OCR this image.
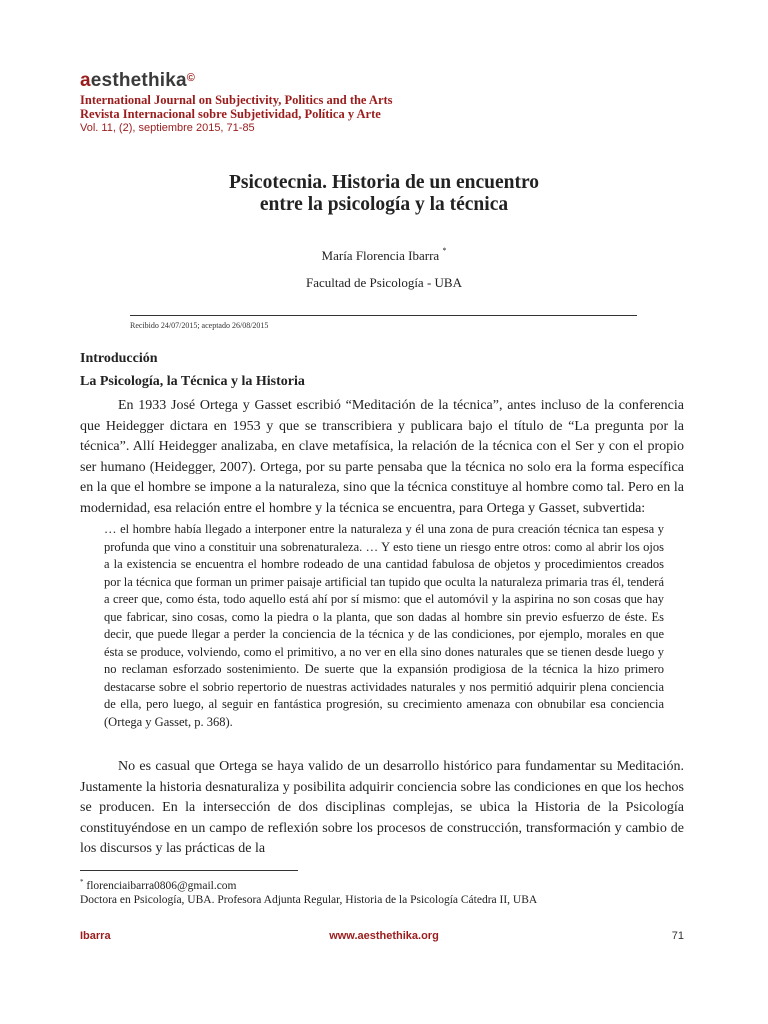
aesthethika©
International Journal on Subjectivity, Politics and the Arts
Revista Internacional sobre Subjetividad, Política y Arte
Vol. 11, (2), septiembre 2015, 71-85
Psicotecnia. Historia de un encuentro
entre la psicología y la técnica
María Florencia Ibarra *
Facultad de Psicología - UBA
Recibido 24/07/2015; aceptado 26/08/2015
Introducción
La Psicología, la Técnica y la Historia

En 1933 José Ortega y Gasset escribió “Meditación de la técnica”, antes incluso de la conferencia que Heidegger dictara en 1953 y que se transcribiera y publicara bajo el título de “La pregunta por la técnica”. Allí Heidegger analizaba, en clave metafísica, la relación de la técnica con el Ser y con el propio ser humano (Heidegger, 2007). Ortega, por su parte pensaba que la técnica no solo era la forma específica en la que el hombre se impone a la naturaleza, sino que la técnica constituye al hombre como tal. Pero en la modernidad, esa relación entre el hombre y la técnica se encuentra, para Ortega y Gasset, subvertida:

… el hombre había llegado a interponer entre la naturaleza y él una zona de pura creación técnica tan espesa y profunda que vino a constituir una sobrenaturaleza. … Y esto tiene un riesgo entre otros: como al abrir los ojos a la existencia se encuentra el hombre rodeado de una cantidad fabulosa de objetos y procedimientos creados por la técnica que forman un primer paisaje artificial tan tupido que oculta la naturaleza primaria tras él, tenderá a creer que, como ésta, todo aquello está ahí por sí mismo: que el automóvil y la aspirina no son cosas que hay que fabricar, sino cosas, como la piedra o la planta, que son dadas al hombre sin previo esfuerzo de éste. Es decir, que puede llegar a perder la conciencia de la técnica y de las condiciones, por ejemplo, morales en que ésta se produce, volviendo, como el primitivo, a no ver en ella sino dones naturales que se tienen desde luego y no reclaman esforzado sostenimiento. De suerte que la expansión prodigiosa de la técnica la hizo primero destacarse sobre el sobrio repertorio de nuestras actividades naturales y nos permitió adquirir plena conciencia de ella, pero luego, al seguir en fantástica progresión, su crecimiento amenaza con obnubilar esa conciencia (Ortega y Gasset, p. 368).

No es casual que Ortega se haya valido de un desarrollo histórico para fundamentar su Meditación. Justamente la historia desnaturaliza y posibilita adquirir conciencia sobre las condiciones en que los hechos se producen. En la intersección de dos disciplinas complejas, se ubica la Historia de la Psicología constituyéndose en un campo de reflexión sobre los procesos de construcción, transformación y cambio de los discursos y las prácticas de la

* florenciaibarra0806@gmail.com
Doctora en Psicología, UBA. Profesora Adjunta Regular, Historia de la Psicología Cátedra II, UBA
Ibarra	www.aesthethika.org	71
